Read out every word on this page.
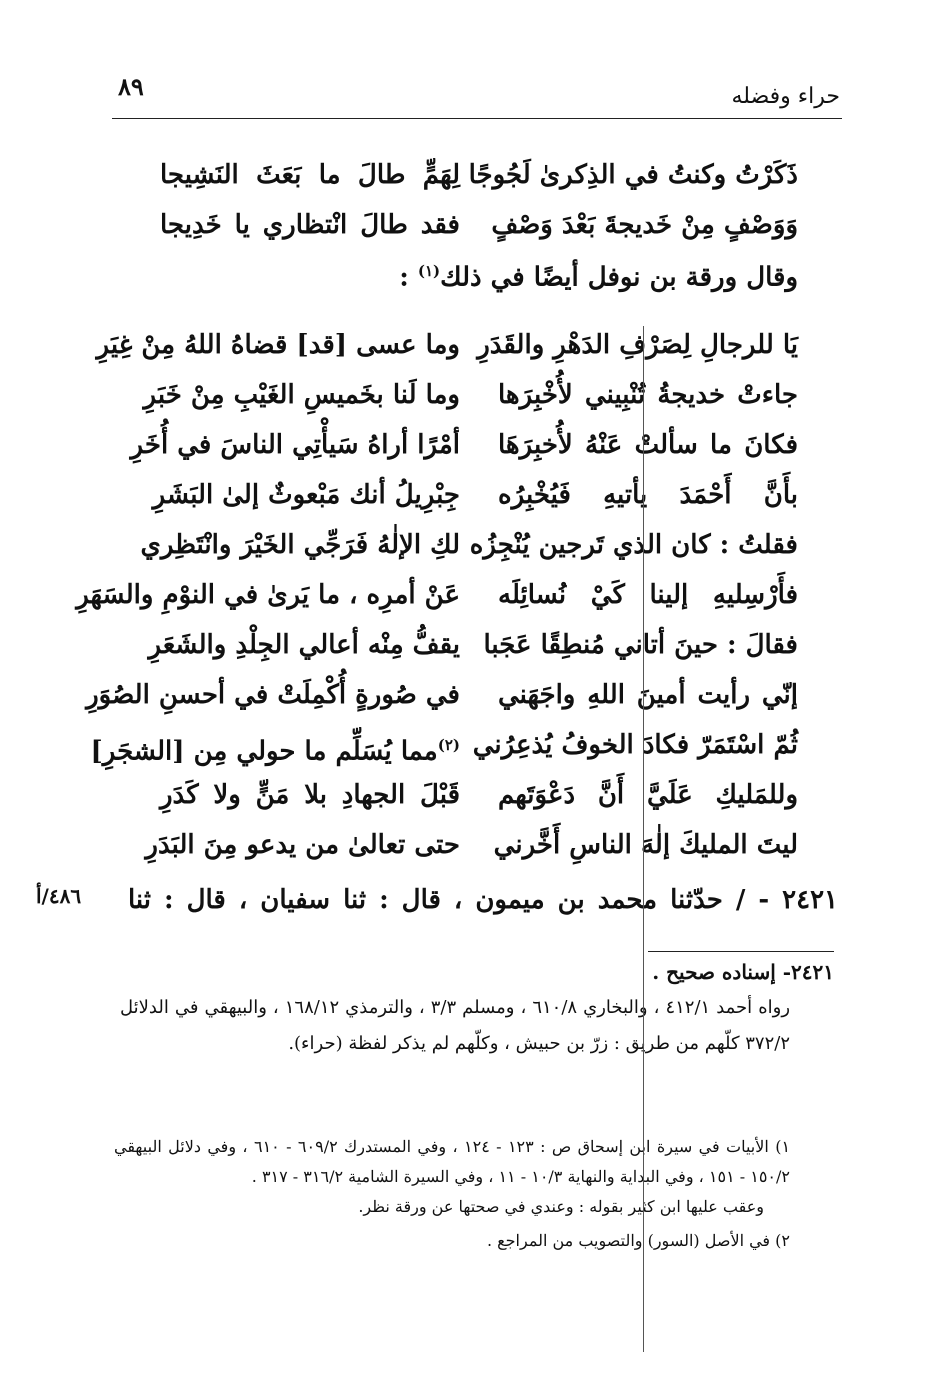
٨٩	حراء وفضله
ذَكَرْتُ وكنتُ في الذِكرىٰ لَجُوجًا
لِهَمٍّ طالَ ما بَعَثَ النَشِيجا
وَوَصْفٍ مِنْ خَديجةَ بَعْدَ وَصْفٍ
فقد طالَ انْتظاري يا خَدِيجا
وقال ورقة بن نوفل أيضًا في ذلك$^{(١)}$ :
يَا للرجالِ لِصَرْفِ الدَهْرِ والقَدَرِ
وما عسى [قد] قضاهُ اللهُ مِنْ غِيَرِ
جاءتْ خديجةُ تُنْبِيني لأُخْبِرَها
وما لَنا بخَميسِ الغَيْبِ مِنْ خَبَرِ
فكانَ ما سألتْ عَنْهُ لأُخبِرَهَا
أمْرًا أراهُ سَيأْتِي الناسَ في أُخَرِ
بأَنَّ أَحْمَدَ يأتيهِ فَيُخْبِرُه
جِبْرِيلُ أنك مَبْعوثٌ إلىٰ البَشَرِ
فقلتُ : كان الذي تَرجين يُنْجِزُه
لكِ الإلٰهُ فَرَجِّي الخَيْرَ وانْتَظِري
فأَرْسِليهِ إلينا كَيْ نُسائِلَه
عَنْ أمرِه ، ما يَرىٰ في النوْمِ والسَهَرِ
فقالَ : حينَ أتاني مُنطِقًا عَجَبا
يقفُّ مِنْه أعالي الجِلْدِ والشَعَرِ
إنّي رأيت أمينَ اللهِ واجَهَني
في صُورةٍ أُكْمِلَتْ في أحسنِ الصُوَرِ
ثُمّ اسْتَمَرّ فكادَ الخوفُ يُذعِرُني
$^{(٢)}$مما يُسَلِّم ما حولي مِن [الشجَرِ]
وللمَليكِ عَلَيَّ أَنَّ دَعْوَتَهم
قَبْلَ الجهادِ بلا مَنٍّ ولا كَدَرِ
ليتَ المليكَ إلٰهَ الناسِ أَخَّرني
حتى تعالىٰ من يدعو مِنَ البَدَرِ
٢٤٢١ - / حدّثنا محمد بن ميمون ، قال : ثنا سفيان ، قال : ثنا
٤٨٦/أ
٢٤٢١- إسناده صحيح .
رواه أحمد ٤١٢/١ ، والبخاري ٦١٠/٨ ، ومسلم ٣/٣ ، والترمذي ١٦٨/١٢ ، والبيهقي في الدلائل ٣٧٢/٢ كلّهم من طريق : زرّ بن حبيش ، وكلّهم لم يذكر لفظة (حراء).

١) الأبيات في سيرة ابن إسحاق ص : ١٢٣ - ١٢٤ ، وفي المستدرك ٦٠٩/٢ - ٦١٠ ، وفي دلائل البيهقي ١٥٠/٢ - ١٥١ ، وفي البداية والنهاية ١٠/٣ - ١١ ، وفي السيرة الشامية ٣١٦/٢ - ٣١٧ .

وعقب عليها ابن كثير بقوله : وعندي في صحتها عن ورقة نظر.

٢) في الأصل (السور) والتصويب من المراجع .
